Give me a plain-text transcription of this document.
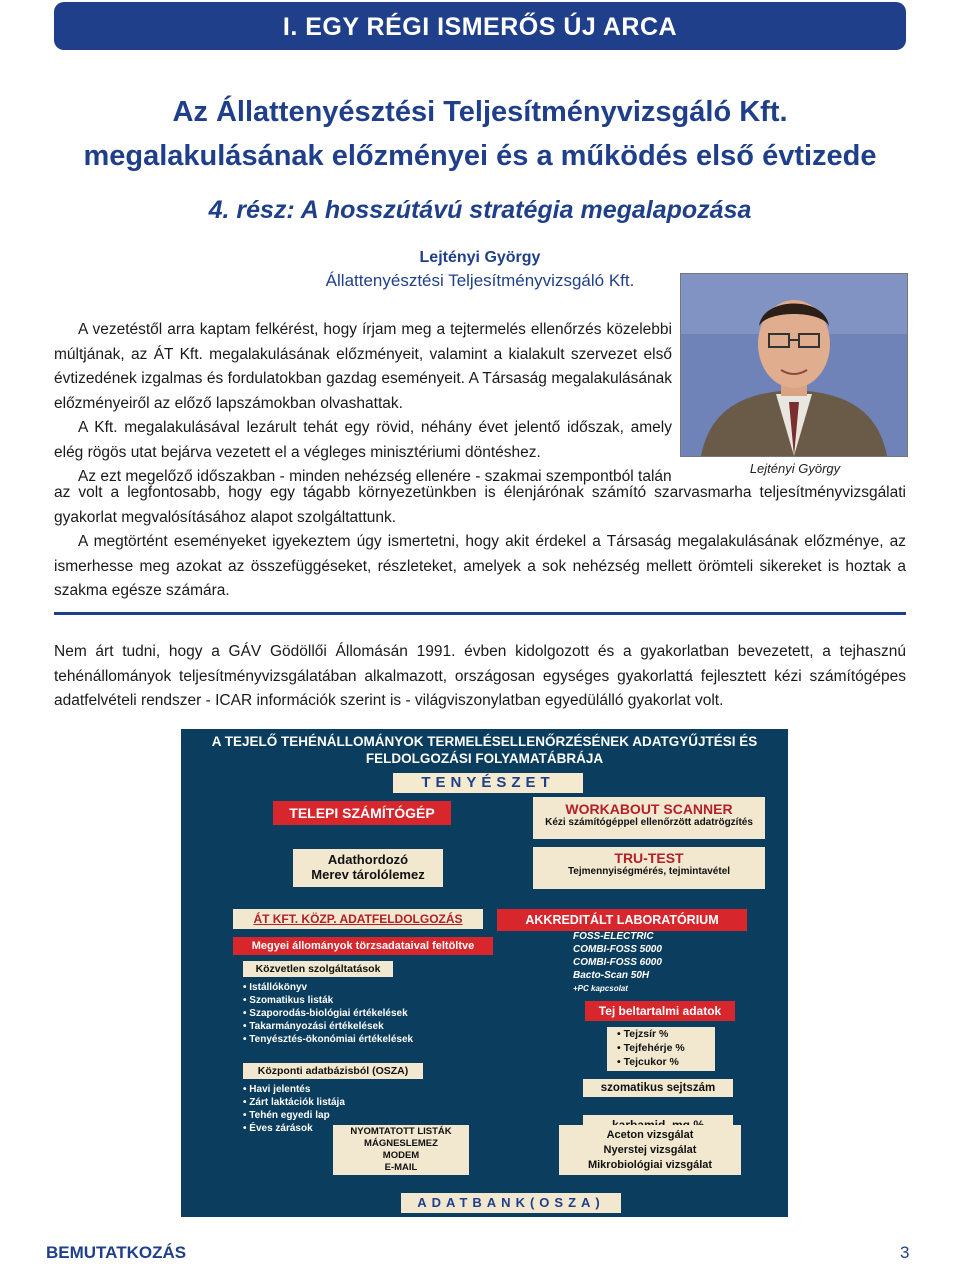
I. EGY RÉGI ISMERŐS ÚJ ARCA
Az Állattenyésztési Teljesítményvizsgáló Kft.
megalakulásának előzményei és a működés első évtizede
4. rész: A hosszútávú stratégia megalapozása
Lejtényi György
Állattenyésztési Teljesítményvizsgáló Kft.
Lejtényi György

A vezetéstől arra kaptam felkérést, hogy írjam meg a tejtermelés ellenőrzés közelebbi múltjának, az ÁT Kft. megalakulásának előzményeit, valamint a kialakult szervezet első évtizedének izgalmas és fordulatokban gazdag eseményeit. A Társaság megalakulásának előzményeiről az előző lapszámokban olvashattak.

A Kft. megalakulásával lezárult tehát egy rövid, néhány évet jelentő időszak, amely elég rögös utat bejárva vezetett el a végleges minisztériumi döntéshez.

Az ezt megelőző időszakban - minden nehézség ellenére - szakmai szempontból talán

az volt a legfontosabb, hogy egy tágabb környezetünkben is élenjárónak számító szarvasmarha teljesítményvizsgálati gyakorlat megvalósításához alapot szolgáltattunk.

A megtörtént eseményeket igyekeztem úgy ismertetni, hogy akit érdekel a Társaság megalakulásának előzménye, az ismerhesse meg azokat az összefüggéseket, részleteket, amelyek a sok nehézség mellett örömteli sikereket is hoztak a szakma egésze számára.

Nem árt tudni, hogy a GÁV Gödöllői Állomásán 1991. évben kidolgozott és a gyakorlatban bevezetett, a tejhasznú tehénállományok teljesítményvizsgálatában alkalmazott, országosan egységes gyakorlattá fejlesztett kézi számítógépes adatfelvételi rendszer - ICAR információk szerint is - világviszonylatban egyedülálló gyakorlat volt.
A TEJELŐ TEHÉNÁLLOMÁNYOK TERMELÉSELLENŐRZÉSÉNEK ADATGYŰJTÉSI ÉS
FELDOLGOZÁSI FOLYAMATÁBRÁJA
TENYÉSZET
TELEPI SZÁMÍTÓGÉP	WORKABOUT SCANNER
Kézi számítógéppel ellenőrzött adatrögzítés
Adathordozó
Merev tárolólemez
TRU-TEST
Tejmennyiségmérés, tejmintavétel
ÁT KFT. KÖZP. ADATFELDOLGOZÁS	AKKREDITÁLT LABORATÓRIUM
Megyei állományok törzsadataival feltöltve
FOSS-ELECTRIC
COMBI-FOSS 5000
COMBI-FOSS 6000
Bacto-Scan 50H
+PC kapcsolat
Közvetlen szolgáltatások
• Istállókönyv
• Szomatikus listák
• Szaporodás-biológiai értékelések
• Takarmányozási értékelések
• Tenyésztés-ökonómiai értékelések
Tej beltartalmi adatok
• Tejzsír %
• Tejfehérje %
• Tejcukor %
Központi adatbázisból (OSZA)
• Havi jelentés
• Zárt laktációk listája
• Tehén egyedi lap
• Éves zárások
szomatikus sejtszám
NYOMTATOTT LISTÁK
MÁGNESLEMEZ
MODEM
E-MAIL
Aceton vizsgálat
Nyerstej vizsgálat
Mikrobiológiai vizsgálat
ADATBANK(OSZA)
BEMUTATKOZÁS	3
